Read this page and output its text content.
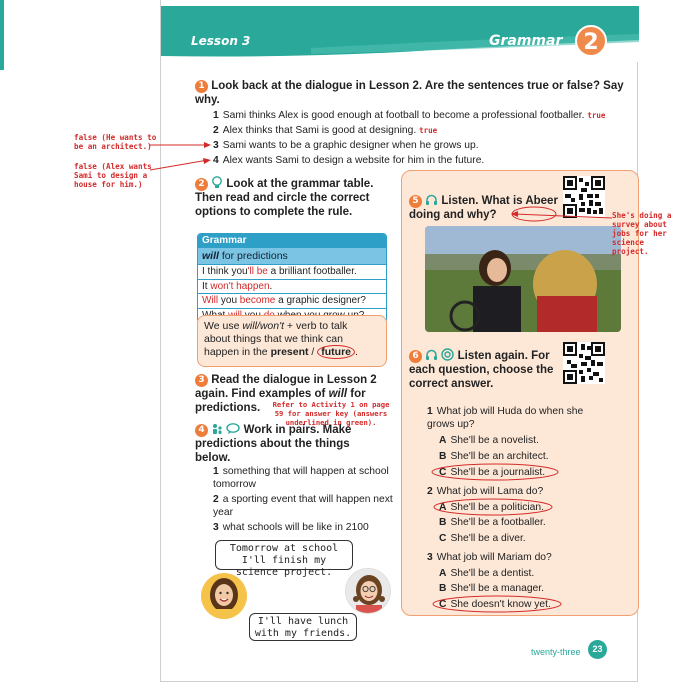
false (He wants to be an architect.)
false (Alex wants Sami to design a house for him.)
Lesson 3	Grammar 2
1 Look back at the dialogue in Lesson 2. Are the sentences true or false? Say why.
1 Sami thinks Alex is good enough at football to become a professional footballer. true
2 Alex thinks that Sami is good at designing. true
3 Sami wants to be a graphic designer when he grows up.
4 Alex wants Sami to design a website for him in the future.
2 Look at the grammar table. Then read and circle the correct options to complete the rule.
Grammar
will for predictions
I think you'll be a brilliant footballer.
It won't happen.
Will you become a graphic designer?
We use will/won't + verb to talk
about things that we think can
happen in the present / future .
3 Read the dialogue in Lesson 2
again. Find examples of will for
predictions.	Refer to Activity 1 on page 59 for answer key (answers underlined in green).
4	Work in pairs. Make predictions about the things below.
1 something that will happen at school tomorrow
2 a sporting event that will happen next year
3 what schools will be like in 2100
Tomorrow at school I'll finish my science project.
I'll have lunch with my friends.
5 Listen. What is Abeer doing and why?
6	Listen again. For each question, choose the correct answer.
1 What job will Huda do when she grows up?
A She'll be a novelist.
B She'll be an architect.
C She'll be a journalist.
2 What job will Lama do?
A She'll be a politician.
B She'll be a footballer.
C She'll be a diver.
3 What job will Mariam do?
A She'll be a dentist.
B She'll be a manager.
C She doesn't know yet.
twenty-three	23
She's doing a survey about jobs for her science project.
